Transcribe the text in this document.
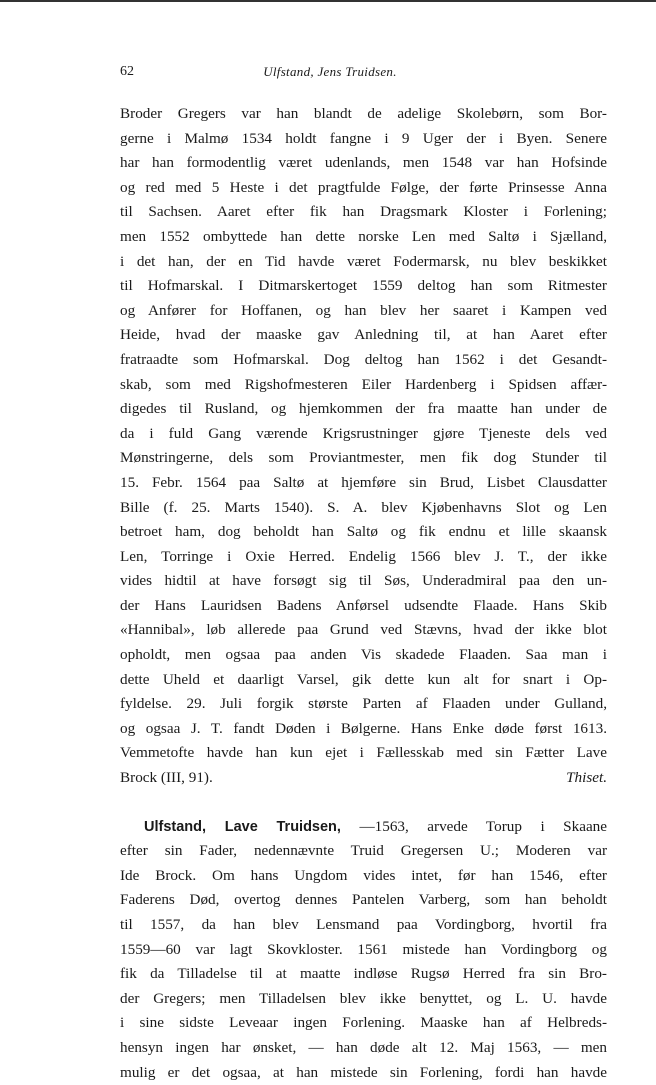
62	Ulfstand, Jens Truidsen.
Broder Gregers var han blandt de adelige Skolebørn, som Bor-
gerne i Malmø 1534 holdt fangne i 9 Uger der i Byen. Senere
har han formodentlig været udenlands, men 1548 var han Hofsinde
og red med 5 Heste i det pragtfulde Følge, der førte Prinsesse Anna
til Sachsen. Aaret efter fik han Dragsmark Kloster i Forlening;
men 1552 ombyttede han dette norske Len med Saltø i Sjælland,
i det han, der en Tid havde været Fodermarsk, nu blev beskikket
til Hofmarskal. I Ditmarskertoget 1559 deltog han som Ritmester
og Anfører for Hoffanen, og han blev her saaret i Kampen ved
Heide, hvad der maaske gav Anledning til, at han Aaret efter
fratraadte som Hofmarskal. Dog deltog han 1562 i det Gesandt-
skab, som med Rigshofmesteren Eiler Hardenberg i Spidsen affær-
digedes til Rusland, og hjemkommen der fra maatte han under de
da i fuld Gang værende Krigsrustninger gjøre Tjeneste dels ved
Mønstringerne, dels som Proviantmester, men fik dog Stunder til
15. Febr. 1564 paa Saltø at hjemføre sin Brud, Lisbet Clausdatter
Bille (f. 25. Marts 1540). S. A. blev Kjøbenhavns Slot og Len
betroet ham, dog beholdt han Saltø og fik endnu et lille skaansk
Len, Torringe i Oxie Herred. Endelig 1566 blev J. T., der ikke
vides hidtil at have forsøgt sig til Søs, Underadmiral paa den un-
der Hans Lauridsen Badens Anførsel udsendte Flaade. Hans Skib
«Hannibal», løb allerede paa Grund ved Stævns, hvad der ikke blot
opholdt, men ogsaa paa anden Vis skadede Flaaden. Saa man i
dette Uheld et daarligt Varsel, gik dette kun alt for snart i Op-
fyldelse. 29. Juli forgik største Parten af Flaaden under Gulland,
og ogsaa J. T. fandt Døden i Bølgerne. Hans Enke døde først 1613.
Vemmetofte havde han kun ejet i Fællesskab med sin Fætter Lave
Brock (III, 91).	Thiset.
Ulfstand, Lave Truidsen, —1563, arvede Torup i Skaane
efter sin Fader, nedennævnte Truid Gregersen U.; Moderen var
Ide Brock. Om hans Ungdom vides intet, før han 1546, efter
Faderens Død, overtog dennes Pantelen Varberg, som han beholdt
til 1557, da han blev Lensmand paa Vordingborg, hvortil fra
1559—60 var lagt Skovkloster. 1561 mistede han Vordingborg og
fik da Tilladelse til at maatte indløse Rugsø Herred fra sin Bro-
der Gregers; men Tilladelsen blev ikke benyttet, og L. U. havde
i sine sidste Leveaar ingen Forlening. Maaske han af Helbreds-
hensyn ingen har ønsket, — han døde alt 12. Maj 1563, — men
mulig er det ogsaa, at han mistede sin Forlening, fordi han havde
